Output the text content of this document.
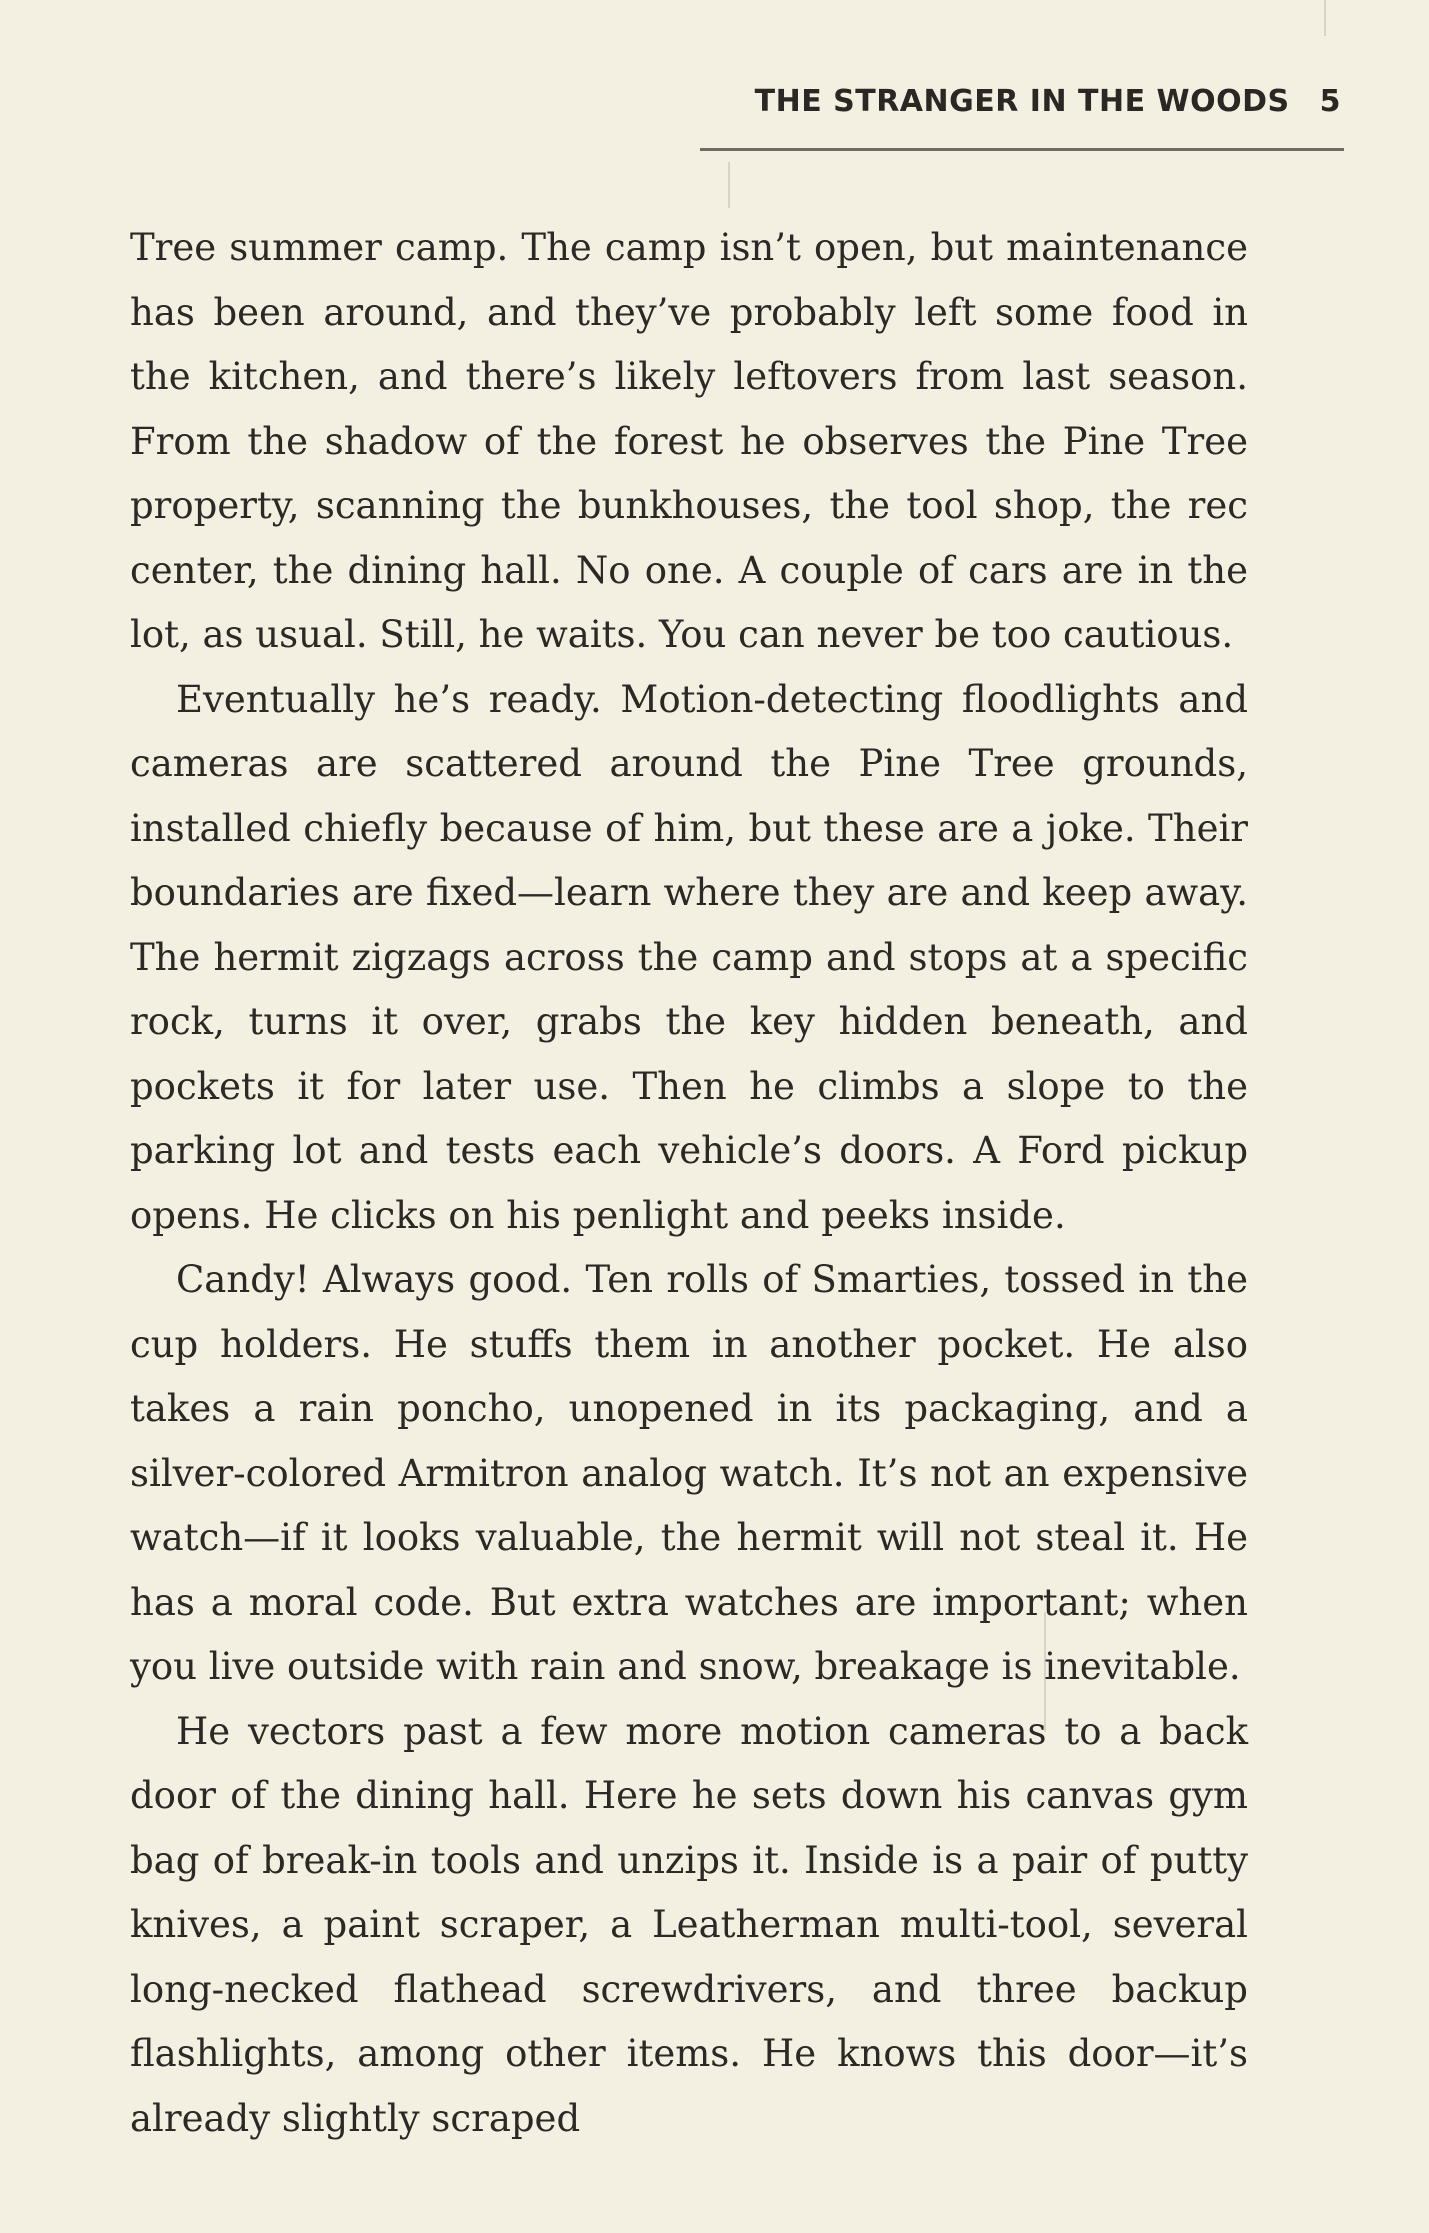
THE STRANGER IN THE WOODS 5

Tree summer camp. The camp isn’t open, but maintenance has been around, and they’ve probably left some food in the kitchen, and there’s likely leftovers from last season. From the shadow of the forest he observes the Pine Tree property, scanning the bunkhouses, the tool shop, the rec center, the dining hall. No one. A couple of cars are in the lot, as usual. Still, he waits. You can never be too cautious.

Eventually he’s ready. Motion-detecting floodlights and cameras are scattered around the Pine Tree grounds, installed chiefly because of him, but these are a joke. Their boundaries are fixed—learn where they are and keep away. The hermit zigzags across the camp and stops at a specific rock, turns it over, grabs the key hidden beneath, and pockets it for later use. Then he climbs a slope to the parking lot and tests each vehicle’s doors. A Ford pickup opens. He clicks on his penlight and peeks inside.

Candy! Always good. Ten rolls of Smarties, tossed in the cup holders. He stuffs them in another pocket. He also takes a rain poncho, unopened in its packaging, and a silver-colored Armitron analog watch. It’s not an expensive watch—if it looks valuable, the hermit will not steal it. He has a moral code. But extra watches are important; when you live outside with rain and snow, breakage is inevitable.

He vectors past a few more motion cameras to a back door of the dining hall. Here he sets down his canvas gym bag of break-in tools and unzips it. Inside is a pair of putty knives, a paint scraper, a Leatherman multi-tool, several long-necked flathead screwdrivers, and three backup flashlights, among other items. He knows this door—it’s already slightly scraped
